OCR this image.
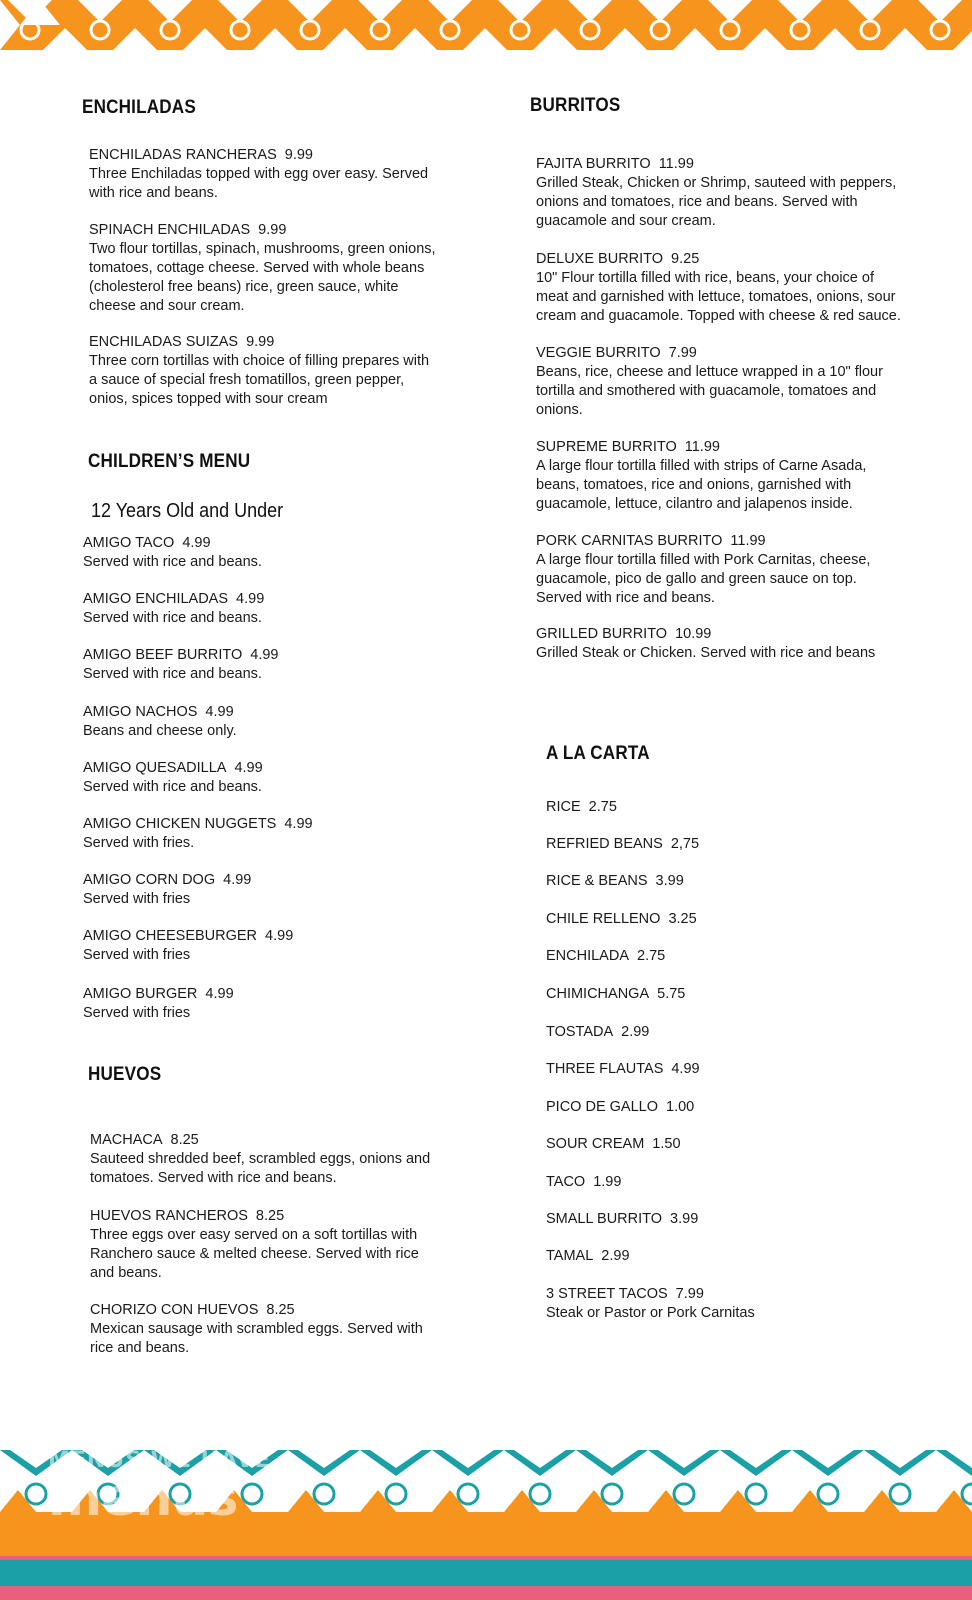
MENUS WE HAVE
menus
ENCHILADAS
ENCHILADAS RANCHERAS 9.99
Three Enchiladas topped with egg over easy. Served with rice and beans.
SPINACH ENCHILADAS 9.99
Two flour tortillas, spinach, mushrooms, green onions, tomatoes, cottage cheese. Served with whole beans (cholesterol free beans) rice, green sauce, white cheese and sour cream.
ENCHILADAS SUIZAS 9.99
Three corn tortillas with choice of filling prepares with a sauce of special fresh tomatillos, green pepper, onios, spices topped with sour cream
CHILDREN’S MENU
12 Years Old and Under
AMIGO TACO 4.99
Served with rice and beans.
AMIGO ENCHILADAS 4.99
Served with rice and beans.
AMIGO BEEF BURRITO 4.99
Served with rice and beans.
AMIGO NACHOS 4.99
Beans and cheese only.
AMIGO QUESADILLA 4.99
Served with rice and beans.
AMIGO CHICKEN NUGGETS 4.99
Served with fries.
AMIGO CORN DOG 4.99
Served with fries
AMIGO CHEESEBURGER 4.99
Served with fries
AMIGO BURGER 4.99
Served with fries
HUEVOS
MACHACA 8.25
Sauteed shredded beef, scrambled eggs, onions and tomatoes. Served with rice and beans.
HUEVOS RANCHEROS 8.25
Three eggs over easy served on a soft tortillas with Ranchero sauce & melted cheese. Served with rice and beans.
CHORIZO CON HUEVOS 8.25
Mexican sausage with scrambled eggs. Served with rice and beans.
BURRITOS
FAJITA BURRITO 11.99
Grilled Steak, Chicken or Shrimp, sauteed with peppers, onions and tomatoes, rice and beans. Served with guacamole and sour cream.
DELUXE BURRITO 9.25
10" Flour tortilla filled with rice, beans, your choice of meat and garnished with lettuce, tomatoes, onions, sour cream and guacamole. Topped with cheese & red sauce.
VEGGIE BURRITO 7.99
Beans, rice, cheese and lettuce wrapped in a 10" flour tortilla and smothered with guacamole, tomatoes and onions.
SUPREME BURRITO 11.99
A large flour tortilla filled with strips of Carne Asada, beans, tomatoes, rice and onions, garnished with guacamole, lettuce, cilantro and jalapenos inside.
PORK CARNITAS BURRITO 11.99
A large flour tortilla filled with Pork Carnitas, cheese, guacamole, pico de gallo and green sauce on top. Served with rice and beans.
GRILLED BURRITO 10.99
Grilled Steak or Chicken. Served with rice and beans
A LA CARTA
RICE 2.75
REFRIED BEANS 2,75
RICE & BEANS 3.99
CHILE RELLENO 3.25
ENCHILADA 2.75
CHIMICHANGA 5.75
TOSTADA 2.99
THREE FLAUTAS 4.99
PICO DE GALLO 1.00
SOUR CREAM 1.50
TACO 1.99
SMALL BURRITO 3.99
TAMAL 2.99
3 STREET TACOS 7.99
Steak or Pastor or Pork Carnitas
